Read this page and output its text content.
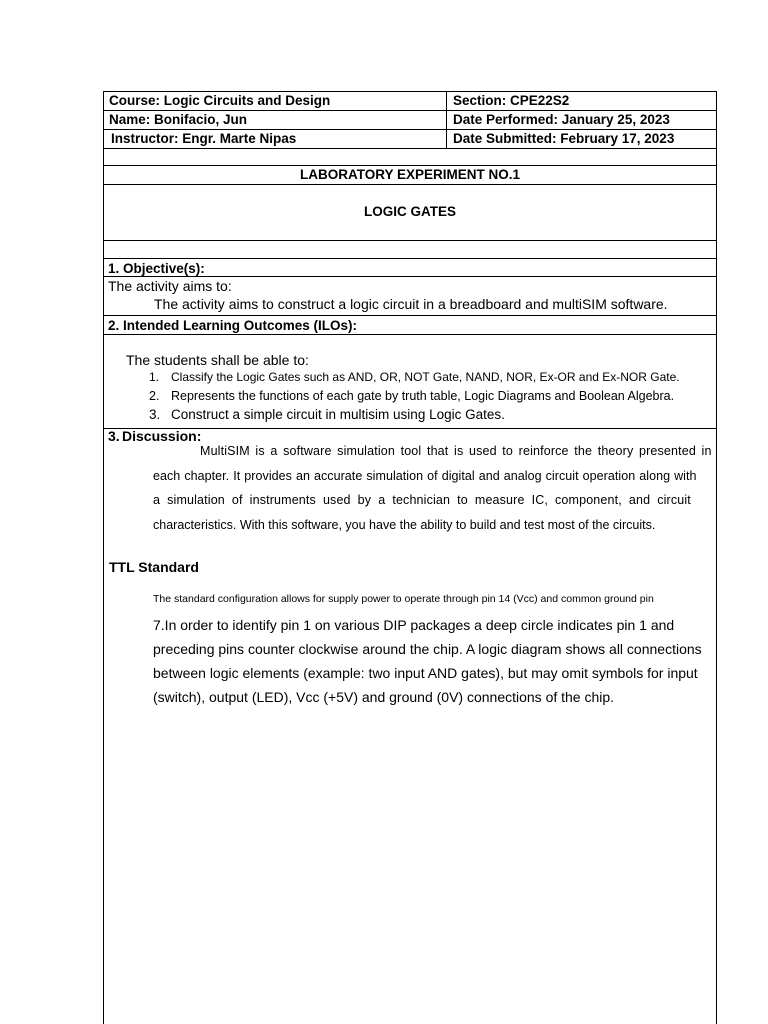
Course: Logic Circuits and Design	Section: CPE22S2
Name: Bonifacio, Jun	Date Performed: January 25, 2023
Instructor: Engr. Marte Nipas	Date Submitted: February 17, 2023
LABORATORY EXPERIMENT NO.1
LOGIC GATES
1. Objective(s):
The activity aims to:
The activity aims to construct a logic circuit in a breadboard and multiSIM software.
2. Intended Learning Outcomes (ILOs):
The students shall be able to:
1. Classify the Logic Gates such as AND, OR, NOT Gate, NAND, NOR, Ex-OR and Ex-NOR Gate.
2. Represents the functions of each gate by truth table, Logic Diagrams and Boolean Algebra.
3. Construct a simple circuit in multisim using Logic Gates.
3. Discussion:
MultiSIM is a software simulation tool that is used to reinforce the theory presented in
each chapter. It provides an accurate simulation of digital and analog circuit operation along with
a simulation of instruments used by a technician to measure IC, component, and circuit
characteristics. With this software, you have the ability to build and test most of the circuits.
TTL Standard
The standard configuration allows for supply power to operate through pin 14 (Vcc) and common ground pin
7.In order to identify pin 1 on various DIP packages a deep circle indicates pin 1 and
preceding pins counter clockwise around the chip. A logic diagram shows all connections
between logic elements (example: two input AND gates), but may omit symbols for input
(switch), output (LED), Vcc (+5V) and ground (0V) connections of the chip.
